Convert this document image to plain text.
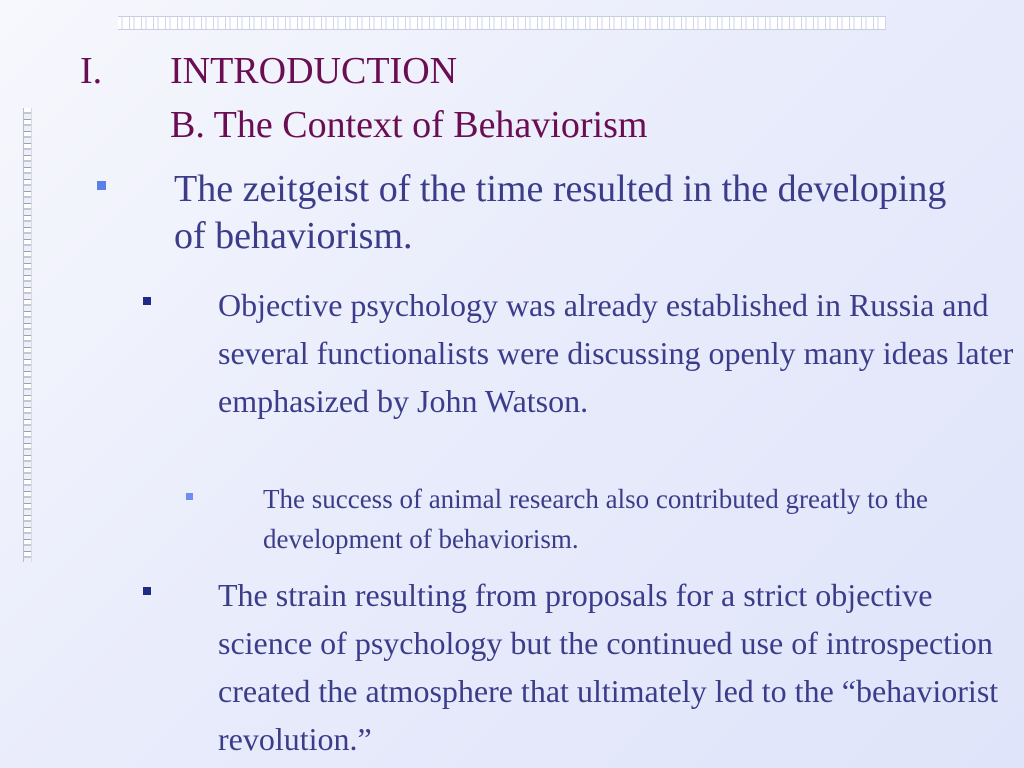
I. INTRODUCTION
B. The Context of Behaviorism
The zeitgeist of the time resulted in the developing of behaviorism.
Objective psychology was already established in Russia and several functionalists were discussing openly many ideas later emphasized by John Watson.
The success of animal research also contributed greatly to the development of behaviorism.
The strain resulting from proposals for a strict objective science of psychology but the continued use of introspection created the atmosphere that ultimately led to the “behaviorist revolution.”
